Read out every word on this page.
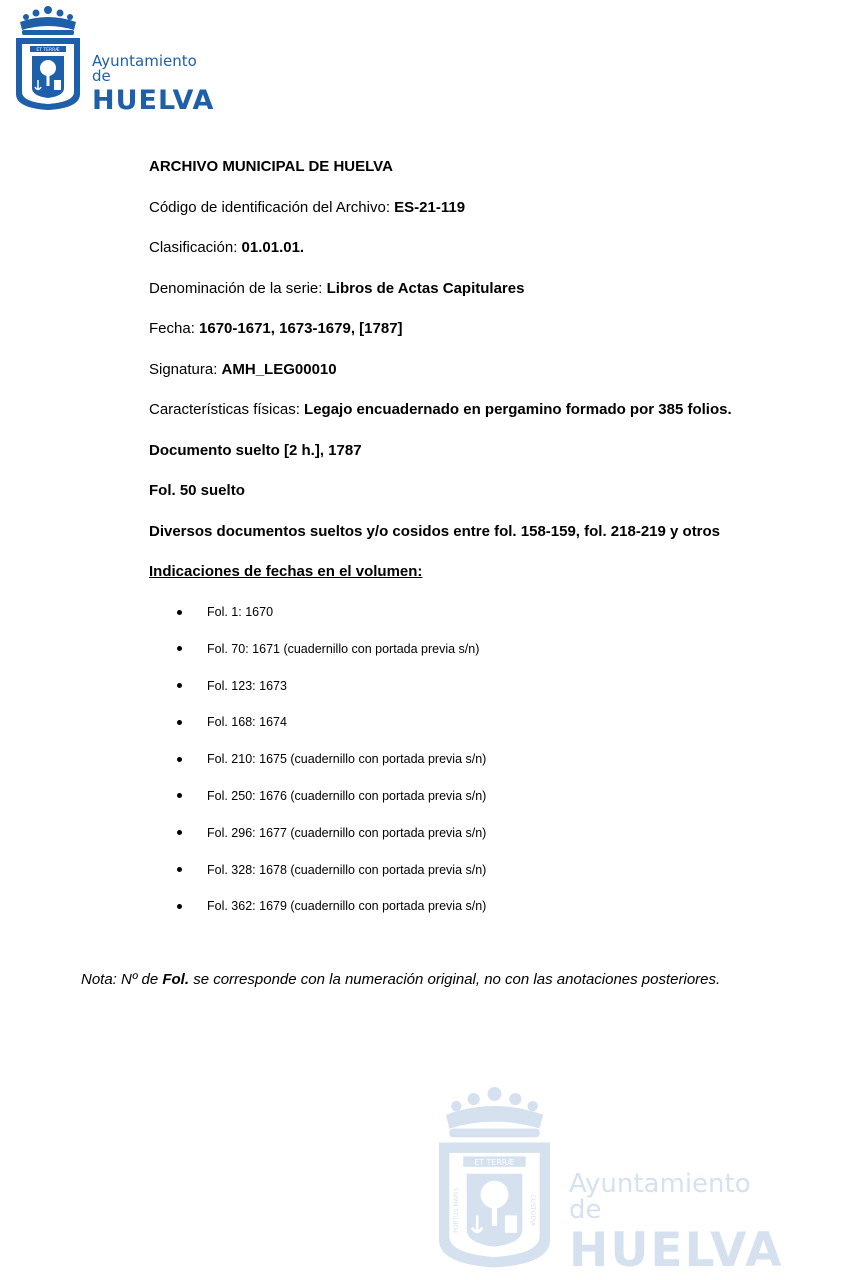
ET TERRÆ
Ayuntamiento de
HUELVA
ARCHIVO MUNICIPAL DE HUELVA
Código de identificación del Archivo: ES-21-119
Clasificación: 01.01.01.
Denominación de la serie: Libros de Actas Capitulares
Fecha: 1670-1671, 1673-1679, [1787]
Signatura: AMH_LEG00010
Características físicas: Legajo encuadernado en pergamino formado por 385 folios.
Documento suelto [2 h.], 1787
Fol. 50 suelto
Diversos documentos sueltos y/o cosidos entre fol. 158-159, fol. 218-219 y otros
Indicaciones de fechas en el volumen:
Fol. 1: 1670
Fol. 70: 1671 (cuadernillo con portada previa s/n)
Fol. 123: 1673
Fol. 168: 1674
Fol. 210: 1675 (cuadernillo con portada previa s/n)
Fol. 250: 1676 (cuadernillo con portada previa s/n)
Fol. 296: 1677 (cuadernillo con portada previa s/n)
Fol. 328: 1678 (cuadernillo con portada previa s/n)
Fol. 362: 1679 (cuadernillo con portada previa s/n)
Nota: Nº de Fol. se corresponde con la numeración original, no con las anotaciones posteriores.
ET TERRÆ
PORTUS MARIS	CUSTODIA
Ayuntamiento de
HUELVA
